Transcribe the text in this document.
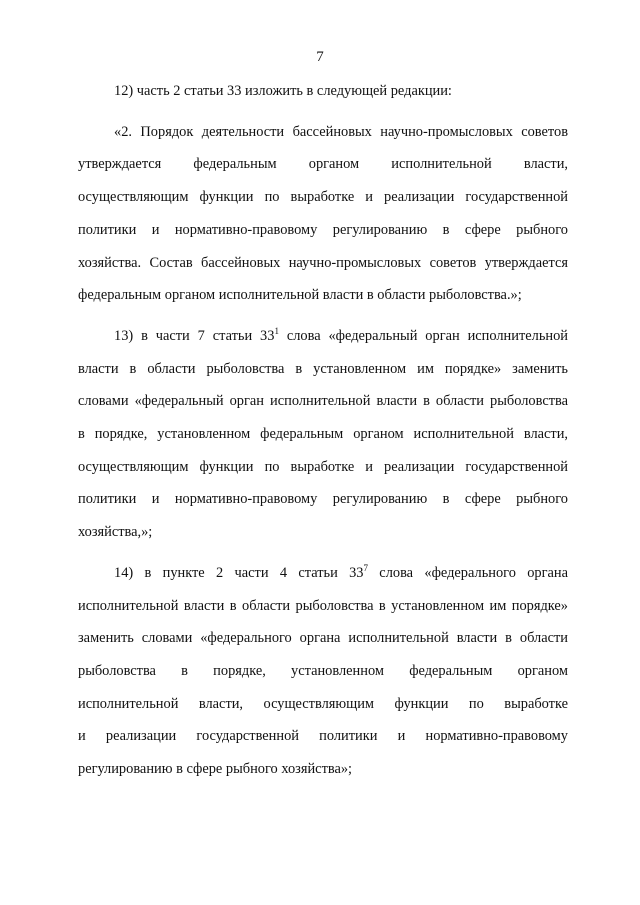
7
12) часть 2 статьи 33 изложить в следующей редакции:
«2. Порядок деятельности бассейновых научно-промысловых советов
утверждается федеральным органом исполнительной власти,
осуществляющим функции по выработке и реализации государственной
политики и нормативно-правовому регулированию в сфере рыбного
хозяйства. Состав бассейновых научно-промысловых советов утверждается
федеральным органом исполнительной власти в области рыболовства.»;
13) в части 7 статьи $33^1$ слова «федеральный орган исполнительной
власти в области рыболовства в установленном им порядке» заменить
словами «федеральный орган исполнительной власти в области рыболовства
в порядке, установленном федеральным органом исполнительной власти,
осуществляющим функции по выработке и реализации государственной
политики и нормативно-правовому регулированию в сфере рыбного
хозяйства,»;
14) в пункте 2 части 4 статьи $33^7$ слова «федерального органа
исполнительной власти в области рыболовства в установленном им порядке»
заменить словами «федерального органа исполнительной власти в области
рыболовства в порядке, установленном федеральным органом
исполнительной власти, осуществляющим функции по выработке
и реализации государственной политики и нормативно-правовому
регулированию в сфере рыбного хозяйства»;
